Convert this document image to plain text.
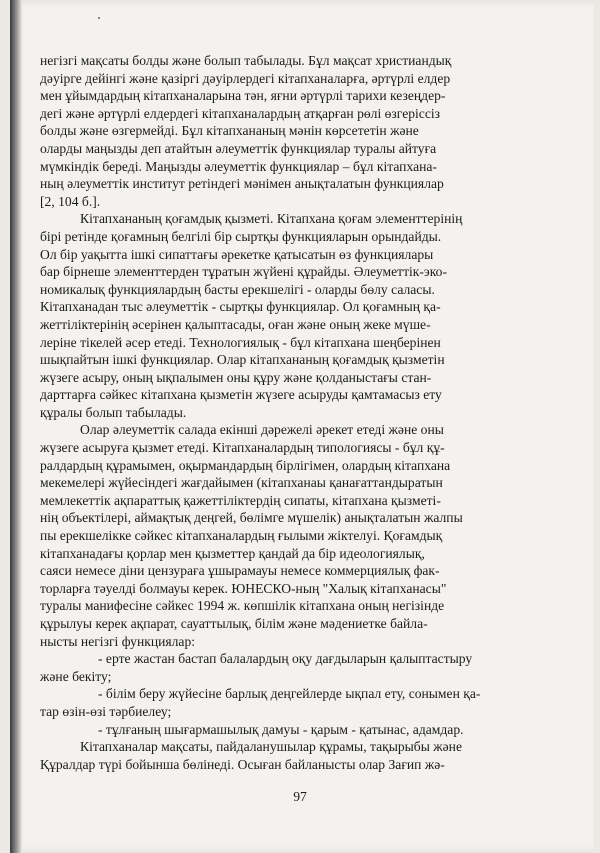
негізгі мақсаты болды және болып табылады. Бұл мақсат христиандық
дәуірге дейінгі және қазіргі дәуірлердегі кітапханаларға, әртүрлі елдер
мен ұйымдардың кітапханаларына тән, яғни әртүрлі тарихи кезеңдер-
дегі және әртүрлі елдердегі кітапханалардың атқарған рөлі өзгеріссіз
болды және өзгермейді. Бұл кітапхананың мәнін көрсететін және
оларды маңызды деп атайтын әлеуметтік функциялар туралы айтуға
мүмкіндік береді. Маңызды әлеуметтік функциялар – бұл кітапхана-
ның әлеуметтік институт ретіндегі мәнімен анықталатын функциялар
[2, 104 б.].
Кітапхананың қоғамдық қызметі. Кітапхана қоғам элементтерінің
бірі ретінде қоғамның белгілі бір сыртқы функцияларын орындайды.
Ол бір уақытта ішкі сипаттағы әрекетке қатысатын өз функциялары
бар бірнеше элементтерден тұратын жүйені құрайды. Әлеуметтік-эко-
номикалық функциялардың басты ерекшелігі - оларды бөлу саласы.
Кітапханадан тыс әлеуметтік - сыртқы функциялар. Ол қоғамның қа-
жеттіліктерінің әсерінен қалыптасады, оған және оның жеке мүше-
леріне тікелей әсер етеді. Технологиялық - бұл кітапхана шеңберінен
шықпайтын ішкі функциялар. Олар кітапхананың қоғамдық қызметін
жүзеге асыру, оның ықпалымен оны құру және қолданыстағы стан-
дарттарға сәйкес кітапхана қызметін жүзеге асыруды қамтамасыз ету
құралы болып табылады.
Олар әлеуметтік салада екінші дәрежелі әрекет етеді және оны
жүзеге асыруға қызмет етеді. Кітапханалардың типологиясы - бұл құ-
ралдардың құрамымен, оқырмандардың бірлігімен, олардың кітапхана
мекемелері жүйесіндегі жағдайымен (кітапханаы қанағаттандыратын
мемлекеттік ақпараттық қажеттіліктердің сипаты, кітапхана қызметі-
нің объектілері, аймақтық деңгей, бөлімге мүшелік) анықталатын жалпы
пы ерекшелікке сәйкес кітапханалардың ғылыми жіктелуі. Қоғамдық
кітапханадағы қорлар мен қызметтер қандай да бір идеологиялық,
саяси немесе діни цензураға ұшырамауы немесе коммерциялық фак-
торларға тәуелді болмауы керек. ЮНЕСКО-ның "Халық кітапханасы"
туралы манифесіне сәйкес 1994 ж. көпшілік кітапхана оның негізінде
құрылуы керек ақпарат, сауаттылық, білім және мәдениетке байла-
нысты негізгі функциялар:
- ерте жастан бастап балалардың оқу дағдыларын қалыптастыру
және бекіту;
- білім беру жүйесіне барлық деңгейлерде ықпал ету, сонымен қа-
тар өзін-өзі тәрбиелеу;
- тұлғаның шығармашылық дамуы - қарым - қатынас, адамдар.
Кітапханалар мақсаты, пайдаланушылар құрамы, тақырыбы және
Құралдар түрі бойынша бөлінеді. Осыған байланысты олар Зағип жә-
97
